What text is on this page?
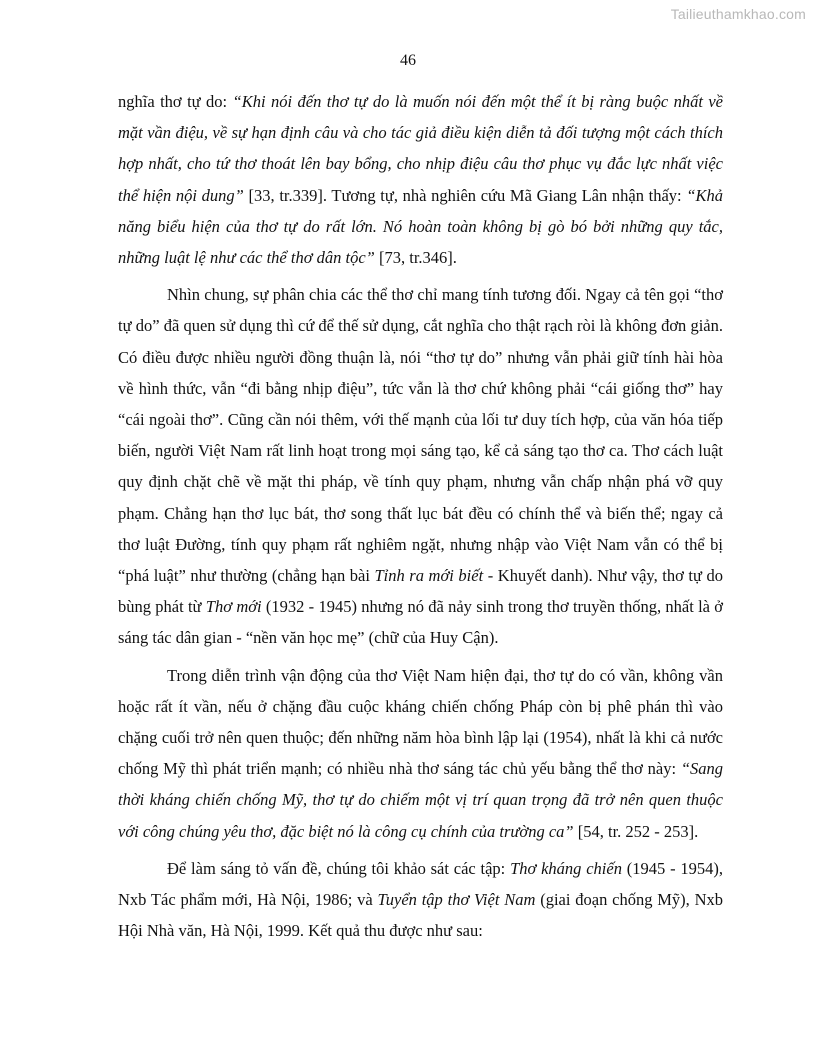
Tailieuthamkhao.com
46

nghĩa thơ tự do: “Khi nói đến thơ tự do là muốn nói đến một thể ít bị ràng buộc nhất về mặt vần điệu, về sự hạn định câu và cho tác giả điều kiện diễn tả đối tượng một cách thích hợp nhất, cho tứ thơ thoát lên bay bổng, cho nhịp điệu câu thơ phục vụ đắc lực nhất việc thể hiện nội dung” [33, tr.339]. Tương tự, nhà nghiên cứu Mã Giang Lân nhận thấy: “Khả năng biểu hiện của thơ tự do rất lớn. Nó hoàn toàn không bị gò bó bởi những quy tắc, những luật lệ như các thể thơ dân tộc” [73, tr.346].

Nhìn chung, sự phân chia các thể thơ chỉ mang tính tương đối. Ngay cả tên gọi “thơ tự do” đã quen sử dụng thì cứ để thế sử dụng, cắt nghĩa cho thật rạch ròi là không đơn giản. Có điều được nhiều người đồng thuận là, nói “thơ tự do” nhưng vẫn phải giữ tính hài hòa về hình thức, vẫn “đi bằng nhịp điệu”, tức vẫn là thơ chứ không phải “cái giống thơ” hay “cái ngoài thơ”. Cũng cần nói thêm, với thế mạnh của lối tư duy tích hợp, của văn hóa tiếp biến, người Việt Nam rất linh hoạt trong mọi sáng tạo, kể cả sáng tạo thơ ca. Thơ cách luật quy định chặt chẽ về mặt thi pháp, về tính quy phạm, nhưng vẫn chấp nhận phá vỡ quy phạm. Chẳng hạn thơ lục bát, thơ song thất lục bát đều có chính thể và biến thể; ngay cả thơ luật Đường, tính quy phạm rất nghiêm ngặt, nhưng nhập vào Việt Nam vẫn có thể bị “phá luật” như thường (chẳng hạn bài Tỉnh ra mới biết - Khuyết danh). Như vậy, thơ tự do bùng phát từ Thơ mới (1932 - 1945) nhưng nó đã nảy sinh trong thơ truyền thống, nhất là ở sáng tác dân gian - “nền văn học mẹ” (chữ của Huy Cận).

Trong diễn trình vận động của thơ Việt Nam hiện đại, thơ tự do có vần, không vần hoặc rất ít vần, nếu ở chặng đầu cuộc kháng chiến chống Pháp còn bị phê phán thì vào chặng cuối trở nên quen thuộc; đến những năm hòa bình lập lại (1954), nhất là khi cả nước chống Mỹ thì phát triển mạnh; có nhiều nhà thơ sáng tác chủ yếu bằng thể thơ này: “Sang thời kháng chiến chống Mỹ, thơ tự do chiếm một vị trí quan trọng đã trở nên quen thuộc với công chúng yêu thơ, đặc biệt nó là công cụ chính của trường ca” [54, tr. 252 - 253].

Để làm sáng tỏ vấn đề, chúng tôi khảo sát các tập: Thơ kháng chiến (1945 - 1954), Nxb Tác phẩm mới, Hà Nội, 1986; và Tuyển tập thơ Việt Nam (giai đoạn chống Mỹ), Nxb Hội Nhà văn, Hà Nội, 1999. Kết quả thu được như sau:
